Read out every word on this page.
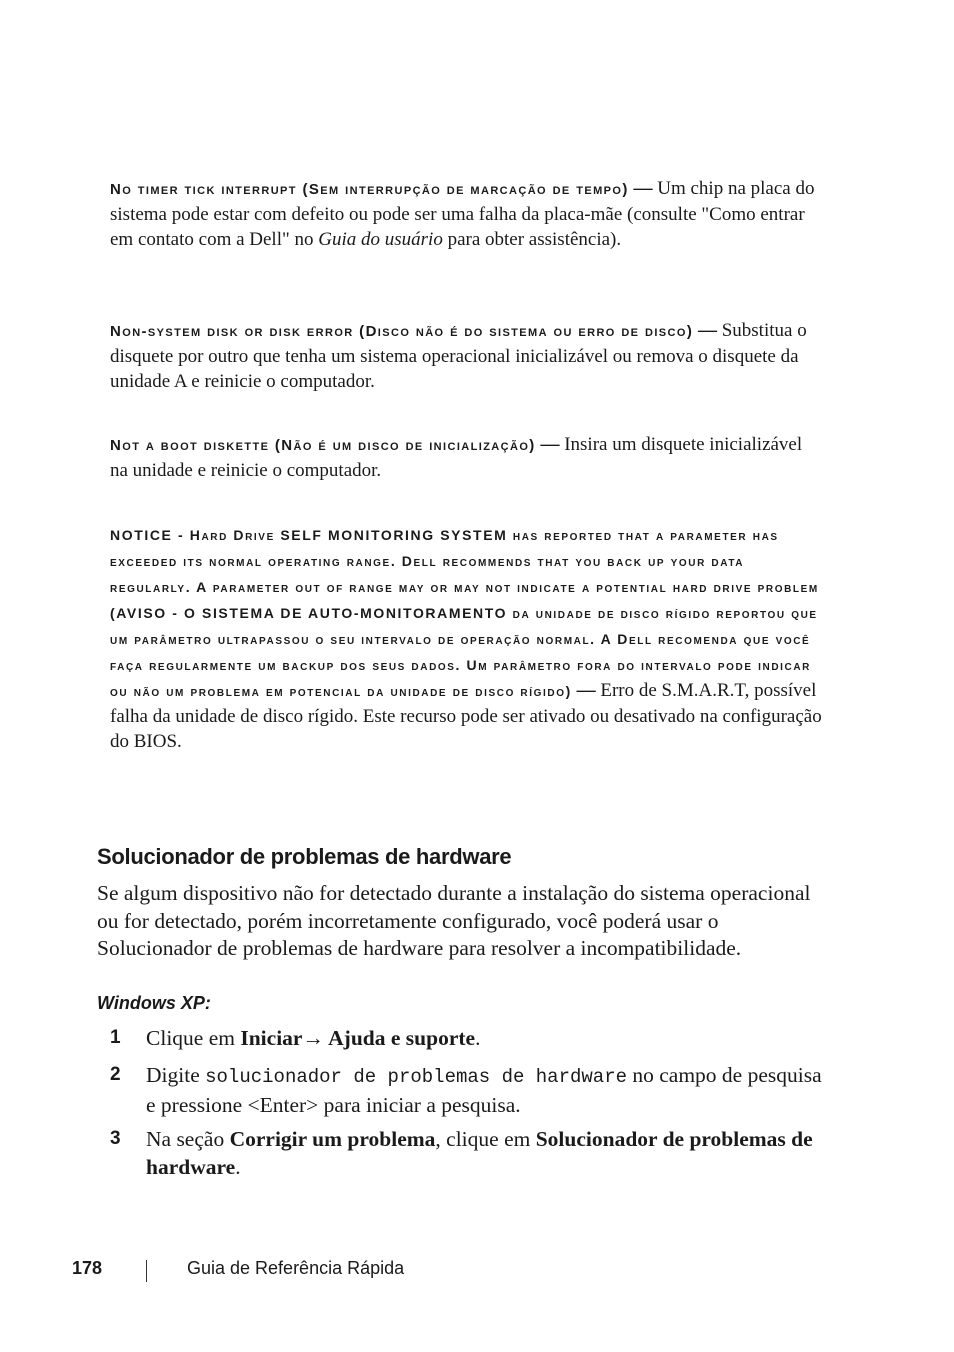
No timer tick interrupt (Sem interrupção de marcação de tempo) — Um chip na placa do sistema pode estar com defeito ou pode ser uma falha da placa-mãe (consulte "Como entrar em contato com a Dell" no Guia do usuário para obter assistência).

Non-system disk or disk error (Disco não é do sistema ou erro de disco) — Substitua o disquete por outro que tenha um sistema operacional inicializável ou remova o disquete da unidade A e reinicie o computador.

Not a boot diskette (Não é um disco de inicialização) — Insira um disquete inicializável na unidade e reinicie o computador.

NOTICE - Hard Drive SELF MONITORING SYSTEM has reported that a parameter has exceeded its normal operating range. Dell recommends that you back up your data regularly. A parameter out of range may or may not indicate a potential hard drive problem (AVISO - O SISTEMA DE AUTO-MONITORAMENTO da unidade de disco rígido reportou que um parâmetro ultrapassou o seu intervalo de operação normal. A Dell recomenda que você faça regularmente um backup dos seus dados. Um parâmetro fora do intervalo pode indicar ou não um problema em potencial da unidade de disco rígido) — Erro de S.M.A.R.T, possível falha da unidade de disco rígido. Este recurso pode ser ativado ou desativado na configuração do BIOS.

Solucionador de problemas de hardware

Se algum dispositivo não for detectado durante a instalação do sistema operacional ou for detectado, porém incorretamente configurado, você poderá usar o Solucionador de problemas de hardware para resolver a incompatibilidade.

Windows XP:

1	Clique em Iniciar→ Ajuda e suporte.
2	Digite solucionador de problemas de hardware no campo de pesquisa e pressione <Enter> para iniciar a pesquisa.
3	Na seção Corrigir um problema, clique em Solucionador de problemas de hardware.
178	Guia de Referência Rápida
